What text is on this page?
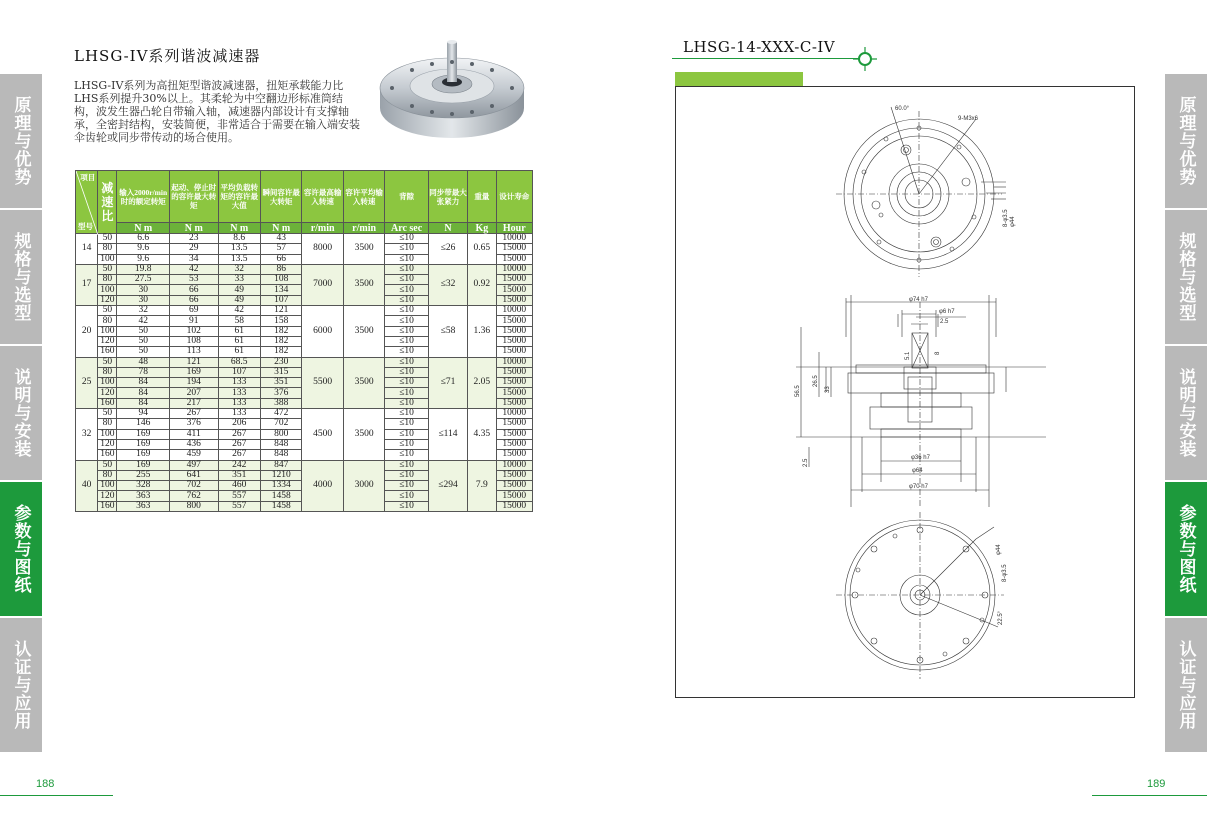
原理与优势
规格与选型
说明与安装
参数与图纸
认证与应用
原理与优势
规格与选型
说明与安装
参数与图纸
认证与应用
LHSG-IV系列谐波减速器
LHSG-IV系列为高扭矩型谐波减速器，扭矩承载能力比LHS系列提升30%以上。其柔轮为中空翻边形标准筒结构，波发生器凸轮自带输入轴，减速器内部设计有支撑轴承，全密封结构，安装简便，非常适合于需要在输入端安装伞齿轮或同步带传动的场合使用。
项目
型号	减速比	输入2000r/min时的额定转矩	起动、停止时的容许最大转矩	平均负载转矩的容许最大值	瞬间容许最大转矩	容许最高输入转速	容许平均输入转速	背隙	同步带最大张紧力	重量	设计寿命
		N m	N m	N m	N m	r/min	r/min	Arc sec	N	Kg	Hour
14	50	6.6	23	8.6	43	8000	3500	≤10	≤26	0.65	10000
	80	9.6	29	13.5	57			≤10			15000
	100	9.6	34	13.5	66			≤10			15000
17	50	19.8	42	32	86	7000	3500	≤10	≤32	0.92	10000
	80	27.5	53	33	108			≤10			15000
	100	30	66	49	134			≤10			15000
	120	30	66	49	107			≤10			15000
20	50	32	69	42	121	6000	3500	≤10	≤58	1.36	10000
	80	42	91	58	158			≤10			15000
	100	50	102	61	182			≤10			15000
	120	50	108	61	182			≤10			15000
	160	50	113	61	182			≤10			15000
25	50	48	121	68.5	230	5500	3500	≤10	≤71	2.05	10000
	80	78	169	107	315			≤10			15000
	100	84	194	133	351			≤10			15000
	120	84	207	133	376			≤10			15000
	160	84	217	133	388			≤10			15000
32	50	94	267	133	472	4500	3500	≤10	≤114	4.35	10000
	80	146	376	206	702			≤10			15000
	100	169	411	267	800			≤10			15000
	120	169	436	267	848			≤10			15000
	160	169	459	267	848			≤10			15000
40	50	169	497	242	847	4000	3000	≤10	≤294	7.9	10000
	80	255	641	351	1210			≤10			15000
	100	328	702	460	1334			≤10			15000
	120	363	762	557	1458			≤10			15000
	160	363	800	557	1458			≤10			15000
188
LHSG-14-XXX-C-IV
60.0°
9-M3x6
8-φ3.5 φ44
φ74 h7
φ6 h7
2.5
5.1	8
56.5
26.5
33
2.5
φ36 h7
φ64
φ70 h7
φ44
8-φ3.5
22.5°
189
